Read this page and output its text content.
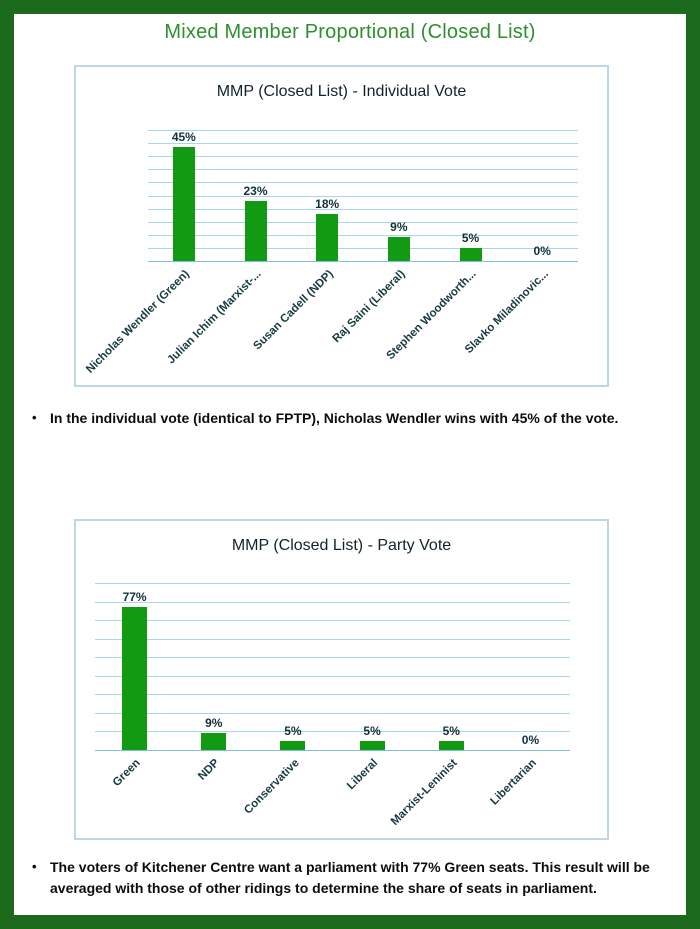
Mixed Member Proportional (Closed List)
MMP (Closed List) - Individual Vote
45%
23%
18%
9%
5%
0%
Nicholas Wendler (Green)
Julian Ichim (Marxist-...
Susan Cadell (NDP)
Raj Saini (Liberal)
Stephen Woodworth...
Slavko Miladinovic...
• In the individual vote (identical to FPTP), Nicholas Wendler wins with 45% of the vote.
MMP (Closed List) - Party Vote
77%
9%
5%	5%	5%
0%
Green	NDP Conservative	Liberal Marxist-Leninist Libertarian
• The voters of Kitchener Centre want a parliament with 77% Green seats. This result will be averaged with those of other ridings to determine the share of seats in parliament.
